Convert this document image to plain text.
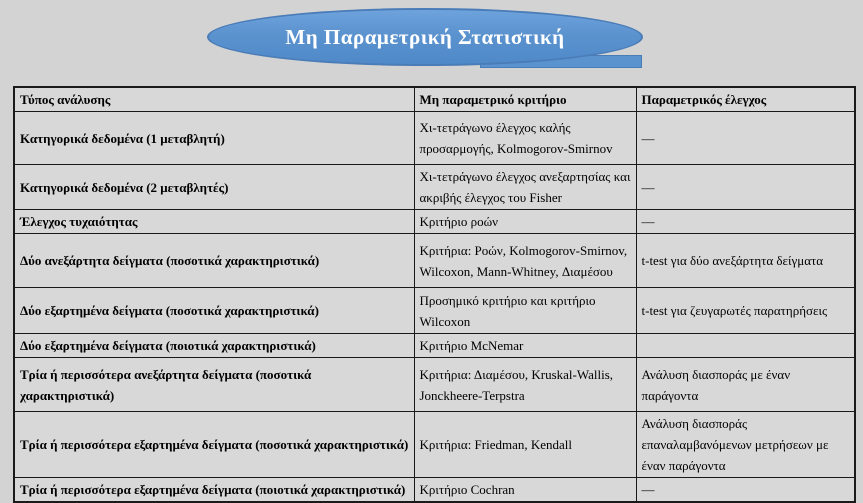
Μη Παραμετρική Στατιστική
Τύπος ανάλυσης	Μη παραμετρικό κριτήριο	Παραμετρικός έλεγχος
Κατηγορικά δεδομένα (1 μεταβλητή)	Χι-τετράγωνο έλεγχος καλής προσαρμογής, Kolmogorov-Smirnov	—
Κατηγορικά δεδομένα (2 μεταβλητές)	Χι-τετράγωνο έλεγχος ανεξαρτησίας και ακριβής έλεγχος του Fisher	—
Έλεγχος τυχαιότητας	Κριτήριο ροών	—
Δύο ανεξάρτητα δείγματα (ποσοτικά χαρακτηριστικά)	Κριτήρια: Ροών, Kolmogorov-Smirnov, Wilcoxon, Mann-Whitney, Διαμέσου	t-test για δύο ανεξάρτητα δείγματα
Δύο εξαρτημένα δείγματα (ποσοτικά χαρακτηριστικά)	Προσημικό κριτήριο και κριτήριο Wilcoxon	t-test για ζευγαρωτές παρατηρήσεις
Δύο εξαρτημένα δείγματα (ποιοτικά χαρακτηριστικά)	Κριτήριο McNemar	
Τρία ή περισσότερα ανεξάρτητα δείγματα (ποσοτικά χαρακτηριστικά)	Κριτήρια: Διαμέσου, Kruskal-Wallis, Jonckheere-Terpstra	Ανάλυση διασποράς με έναν παράγοντα
Τρία ή περισσότερα εξαρτημένα δείγματα (ποσοτικά χαρακτηριστικά)	Κριτήρια: Friedman, Kendall	Ανάλυση διασποράς επαναλαμβανόμενων μετρήσεων με έναν παράγοντα
Τρία ή περισσότερα εξαρτημένα δείγματα (ποιοτικά χαρακτηριστικά)	Κριτήριο Cochran	—
